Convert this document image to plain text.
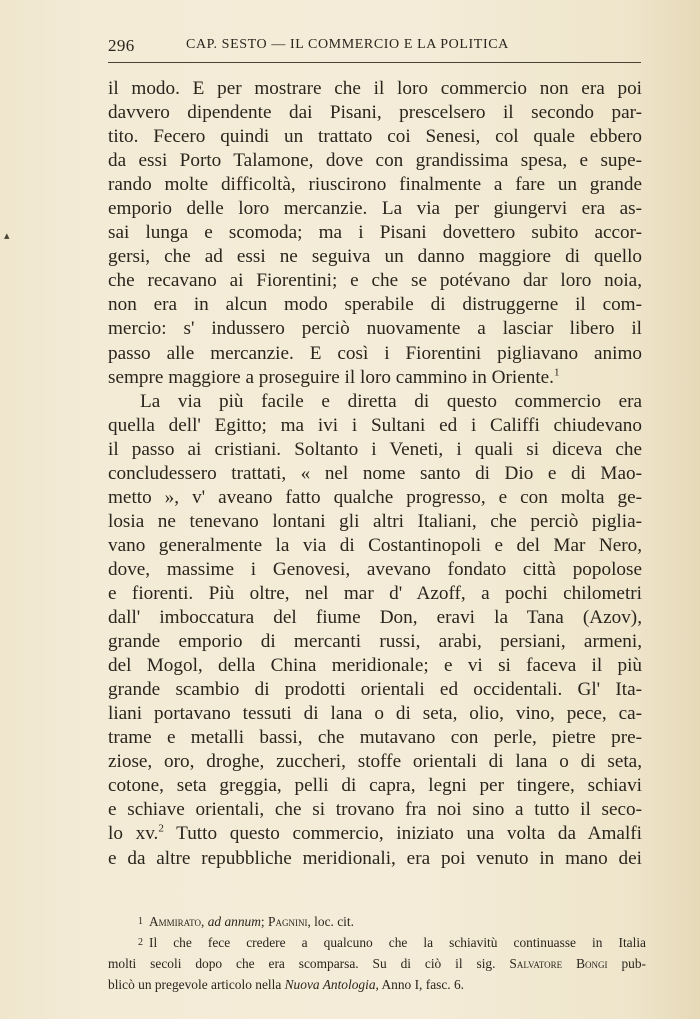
296	CAP. SESTO — IL COMMERCIO E LA POLITICA
▴
il modo. E per mostrare che il loro commercio non era poi
davvero dipendente dai Pisani, prescelsero il secondo par-
tito. Fecero quindi un trattato coi Senesi, col quale ebbero
da essi Porto Talamone, dove con grandissima spesa, e supe-
rando molte difficoltà, riuscirono finalmente a fare un grande
emporio delle loro mercanzie. La via per giungervi era as-
sai lunga e scomoda; ma i Pisani dovettero subito accor-
gersi, che ad essi ne seguiva un danno maggiore di quello
che recavano ai Fiorentini; e che se potévano dar loro noia,
non era in alcun modo sperabile di distruggerne il com-
mercio: s' indussero perciò nuovamente a lasciar libero il
passo alle mercanzie. E così i Fiorentini pigliavano animo
sempre maggiore a proseguire il loro cammino in Oriente.$^1$
La via più facile e diretta di questo commercio era
quella dell' Egitto; ma ivi i Sultani ed i Califfi chiudevano
il passo ai cristiani. Soltanto i Veneti, i quali si diceva che
concludessero trattati, « nel nome santo di Dio e di Mao-
metto », v' aveano fatto qualche progresso, e con molta ge-
losia ne tenevano lontani gli altri Italiani, che perciò piglia-
vano generalmente la via di Costantinopoli e del Mar Nero,
dove, massime i Genovesi, avevano fondato città popolose
e fiorenti. Più oltre, nel mar d' Azoff, a pochi chilometri
dall' imboccatura del fiume Don, eravi la Tana (Azov),
grande emporio di mercanti russi, arabi, persiani, armeni,
del Mogol, della China meridionale; e vi si faceva il più
grande scambio di prodotti orientali ed occidentali. Gl' Ita-
liani portavano tessuti di lana o di seta, olio, vino, pece, ca-
trame e metalli bassi, che mutavano con perle, pietre pre-
ziose, oro, droghe, zuccheri, stoffe orientali di lana o di seta,
cotone, seta greggia, pelli di capra, legni per tingere, schiavi
e schiave orientali, che si trovano fra noi sino a tutto il seco-
lo xv.$^2$ Tutto questo commercio, iniziato una volta da Amalfi
e da altre repubbliche meridionali, era poi venuto in mano dei
$^1$ Ammirato, ad annum; Pagnini, loc. cit.
$^2$ Il che fece credere a qualcuno che la schiavitù continuasse in Italia
molti secoli dopo che era scomparsa. Su di ciò il sig. Salvatore Bongi pub-
blicò un pregevole articolo nella Nuova Antologia, Anno I, fasc. 6.
